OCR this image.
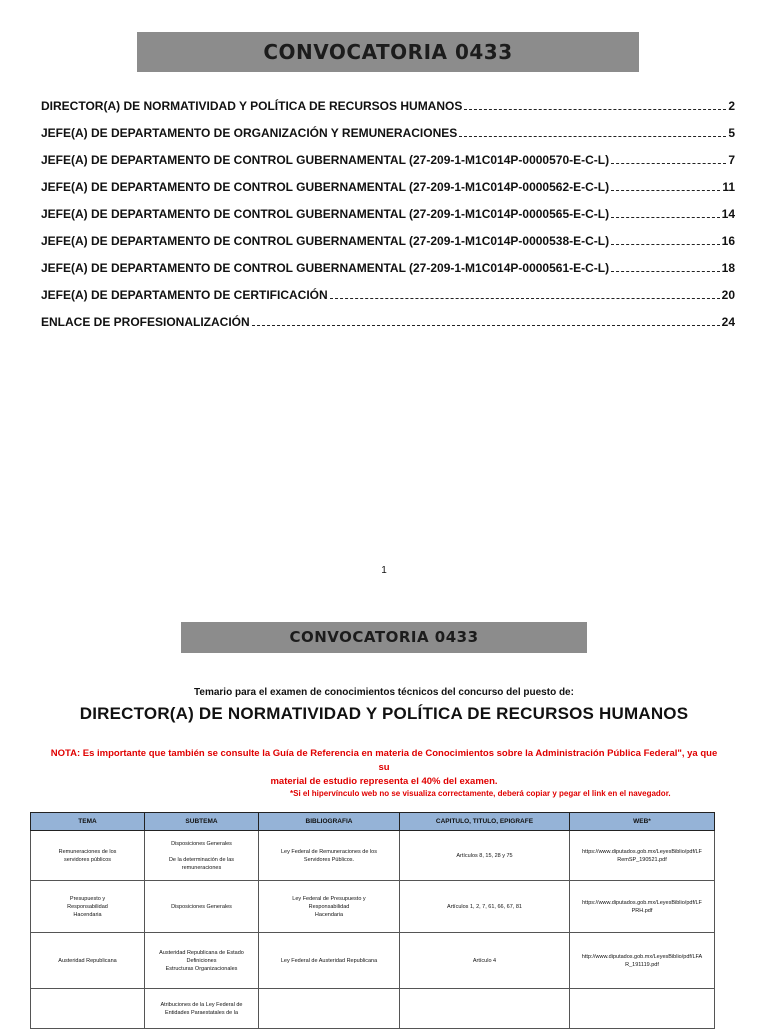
CONVOCATORIA 0433
DIRECTOR(A) DE NORMATIVIDAD Y POLÍTICA DE RECURSOS HUMANOS	2
JEFE(A) DE DEPARTAMENTO DE ORGANIZACIÓN Y REMUNERACIONES	5
JEFE(A) DE DEPARTAMENTO DE CONTROL GUBERNAMENTAL (27-209-1-M1C014P-0000570-E-C-L)	7
JEFE(A) DE DEPARTAMENTO DE CONTROL GUBERNAMENTAL (27-209-1-M1C014P-0000562-E-C-L)	11
JEFE(A) DE DEPARTAMENTO DE CONTROL GUBERNAMENTAL (27-209-1-M1C014P-0000565-E-C-L)	14
JEFE(A) DE DEPARTAMENTO DE CONTROL GUBERNAMENTAL (27-209-1-M1C014P-0000538-E-C-L)	16
JEFE(A) DE DEPARTAMENTO DE CONTROL GUBERNAMENTAL (27-209-1-M1C014P-0000561-E-C-L)	18
JEFE(A) DE DEPARTAMENTO DE CERTIFICACIÓN	20
ENLACE DE PROFESIONALIZACIÓN	24
1
CONVOCATORIA 0433
Temario para el examen de conocimientos técnicos del concurso del puesto de:
DIRECTOR(A) DE NORMATIVIDAD Y POLÍTICA DE RECURSOS HUMANOS
NOTA: Es importante que también se consulte la Guía de Referencia en materia de Conocimientos sobre la Administración Pública Federal", ya que su
material de estudio representa el 40% del examen.
*Si el hipervínculo web no se visualiza correctamente, deberá copiar y pegar el link en el navegador.
TEMA	SUBTEMA	BIBLIOGRAFIA	CAPITULO, TITULO, EPIGRAFE	WEB*

Remuneraciones de los
servidores públicos	Disposiciones Generales

De la determinación de las
remuneraciones	Ley Federal de Remuneraciones de los
Servidores Públicos.	Artículos 8, 15, 28 y 75	https://www.diputados.gob.mx/LeyesBiblio/pdf/LF
RemSP_190521.pdf

Presupuesto y
Responsabilidad
Hacendaria	Disposiciones Generales	Ley Federal de Presupuesto y
Responsabilidad
Hacendaria	Artículos 1, 2, 7, 61, 66, 67, 81	https://www.diputados.gob.mx/LeyesBiblio/pdf/LF
PRH.pdf

Austeridad Republicana	Austeridad Republicana de Estado
Definiciones
Estructuras Organizacionales	Ley Federal de Austeridad Republicana	Artículo 4	http://www.diputados.gob.mx/LeyesBiblio/pdf/LFA
R_191119.pdf

	Atribuciones de la Ley Federal de
Entidades Paraestatales de la			
